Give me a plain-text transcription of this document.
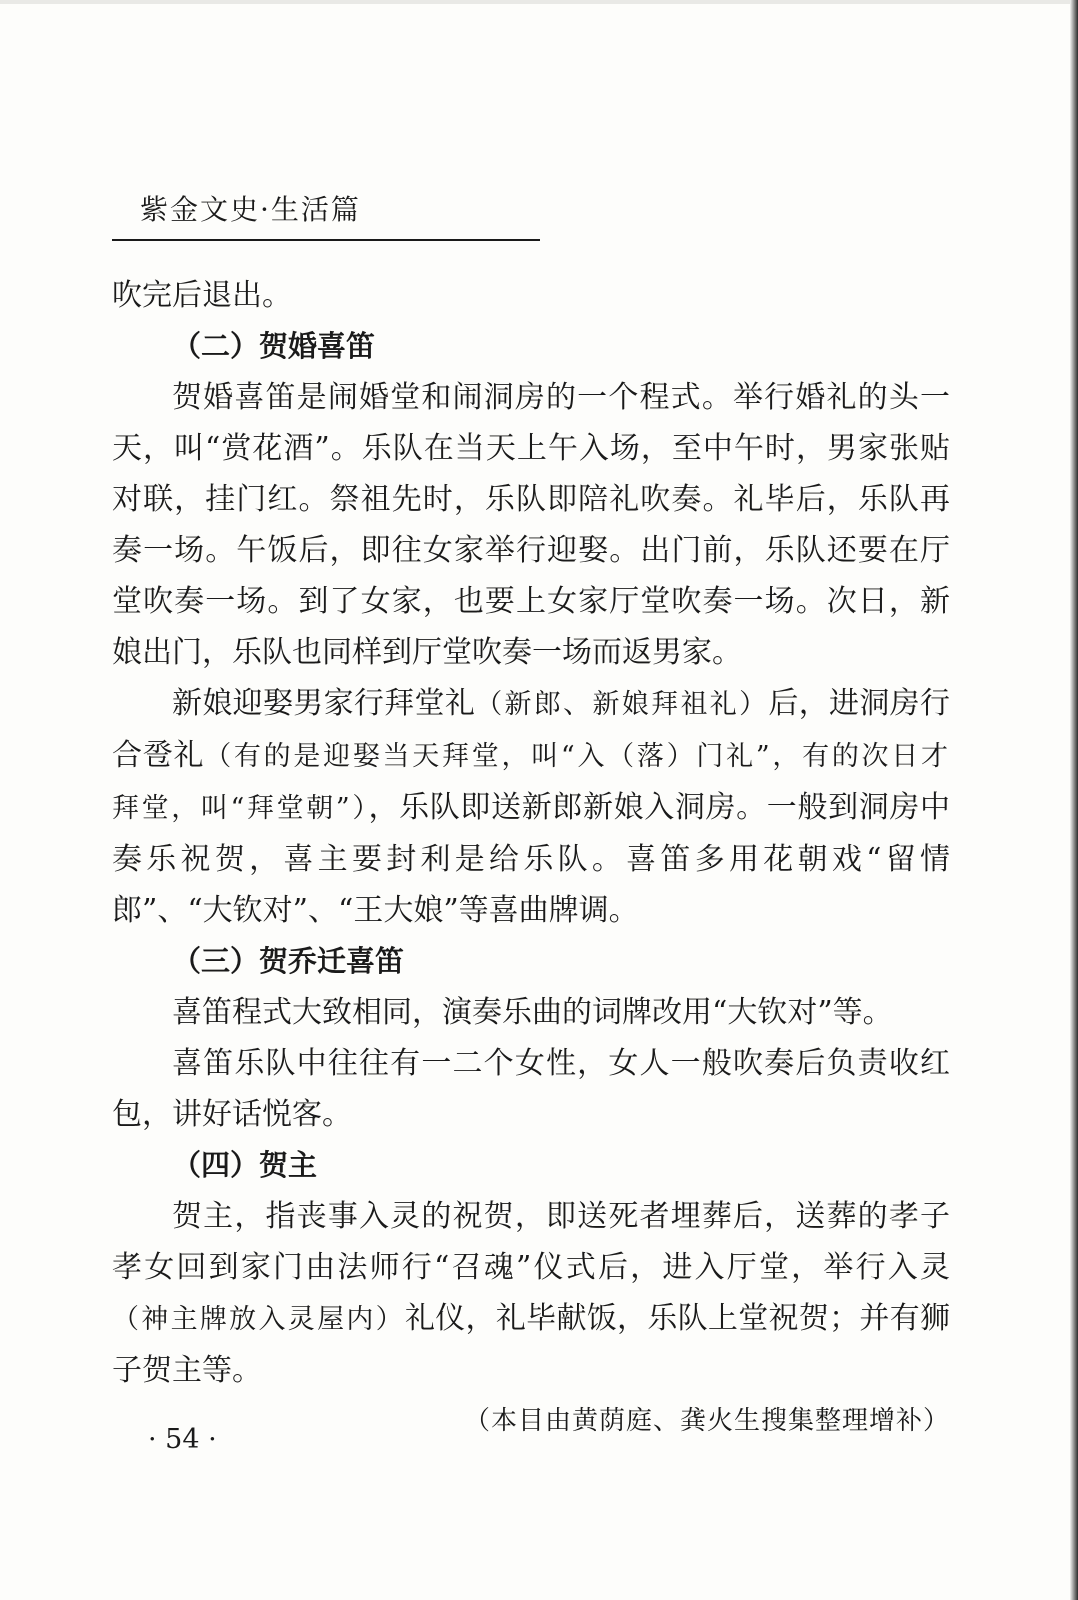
紫金文史·生活篇

吹完后退出。

（二）贺婚喜笛

贺婚喜笛是闹婚堂和闹洞房的一个程式。举行婚礼的头一天，叫“赏花酒”。乐队在当天上午入场，至中午时，男家张贴对联，挂门红。祭祖先时，乐队即陪礼吹奏。礼毕后，乐队再奏一场。午饭后，即往女家举行迎娶。出门前，乐队还要在厅堂吹奏一场。到了女家，也要上女家厅堂吹奏一场。次日，新娘出门，乐队也同样到厅堂吹奏一场而返男家。

新娘迎娶男家行拜堂礼（新郎、新娘拜祖礼）后，进洞房行合卺礼（有的是迎娶当天拜堂，叫“入（落）门礼”，有的次日才拜堂，叫“拜堂朝”），乐队即送新郎新娘入洞房。一般到洞房中奏乐祝贺，喜主要封利是给乐队。喜笛多用花朝戏“留情郎”、“大钦对”、“王大娘”等喜曲牌调。

（三）贺乔迁喜笛

喜笛程式大致相同，演奏乐曲的词牌改用“大钦对”等。

喜笛乐队中往往有一二个女性，女人一般吹奏后负责收红包，讲好话悦客。

（四）贺主

贺主，指丧事入灵的祝贺，即送死者埋葬后，送葬的孝子孝女回到家门由法师行“召魂”仪式后，进入厅堂，举行入灵（神主牌放入灵屋内）礼仪，礼毕献饭，乐队上堂祝贺；并有狮子贺主等。

（本目由黄荫庭、龚火生搜集整理增补）

· 54 ·
